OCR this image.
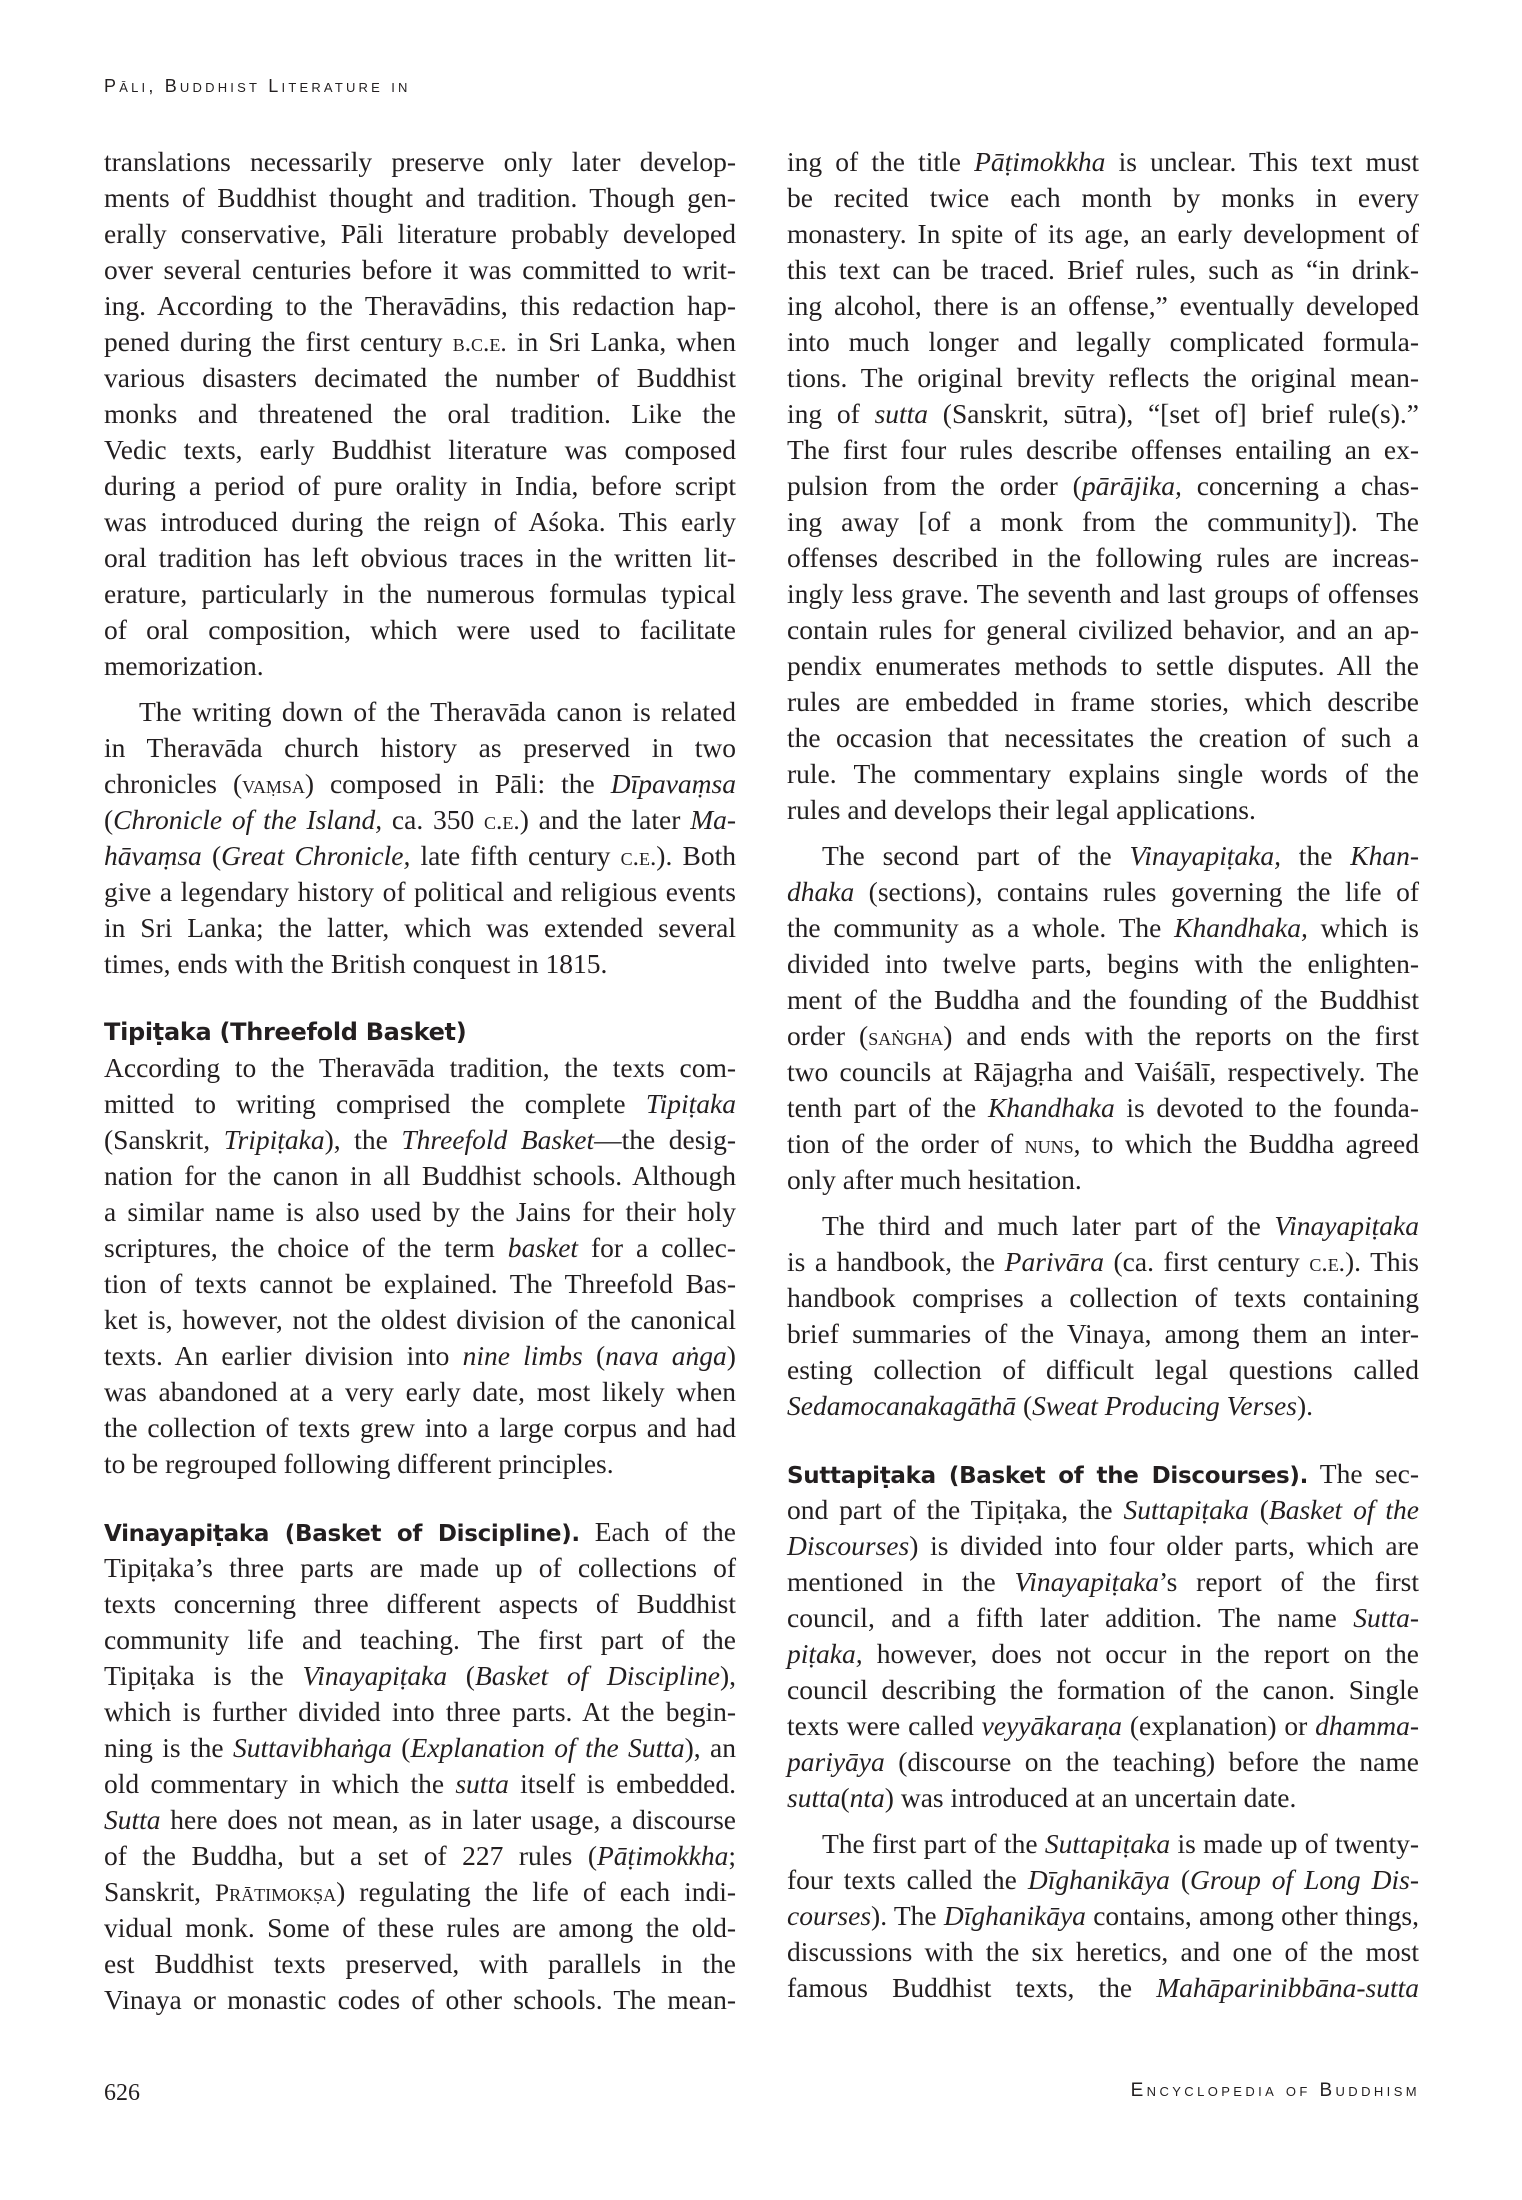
Pāli, Buddhist Literature in
translations necessarily preserve only later develop-
ments of Buddhist thought and tradition. Though gen-
erally conservative, Pāli literature probably developed
over several centuries before it was committed to writ-
ing. According to the Theravādins, this redaction hap-
pened during the first century b.c.e. in Sri Lanka, when
various disasters decimated the number of Buddhist
monks and threatened the oral tradition. Like the
Vedic texts, early Buddhist literature was composed
during a period of pure orality in India, before script
was introduced during the reign of Aśoka. This early
oral tradition has left obvious traces in the written lit-
erature, particularly in the numerous formulas typical
of oral composition, which were used to facilitate
memorization.
The writing down of the Theravāda canon is related
in Theravāda church history as preserved in two
chronicles (vaṃsa) composed in Pāli: the Dīpavaṃsa
(Chronicle of the Island, ca. 350 c.e.) and the later Ma-
hāvaṃsa (Great Chronicle, late fifth century c.e.). Both
give a legendary history of political and religious events
in Sri Lanka; the latter, which was extended several
times, ends with the British conquest in 1815.
Tipiṭaka (Threefold Basket)
According to the Theravāda tradition, the texts com-
mitted to writing comprised the complete Tipiṭaka
(Sanskrit, Tripiṭaka), the Threefold Basket—the desig-
nation for the canon in all Buddhist schools. Although
a similar name is also used by the Jains for their holy
scriptures, the choice of the term basket for a collec-
tion of texts cannot be explained. The Threefold Bas-
ket is, however, not the oldest division of the canonical
texts. An earlier division into nine limbs (nava aṅga)
was abandoned at a very early date, most likely when
the collection of texts grew into a large corpus and had
to be regrouped following different principles.
Vinayapiṭaka (Basket of Discipline). Each of the
Tipiṭaka’s three parts are made up of collections of
texts concerning three different aspects of Buddhist
community life and teaching. The first part of the
Tipiṭaka is the Vinayapiṭaka (Basket of Discipline),
which is further divided into three parts. At the begin-
ning is the Suttavibhaṅga (Explanation of the Sutta), an
old commentary in which the sutta itself is embedded.
Sutta here does not mean, as in later usage, a discourse
of the Buddha, but a set of 227 rules (Pāṭimokkha;
Sanskrit, Prātimokṣa) regulating the life of each indi-
vidual monk. Some of these rules are among the old-
est Buddhist texts preserved, with parallels in the
Vinaya or monastic codes of other schools. The mean-
ing of the title Pāṭimokkha is unclear. This text must
be recited twice each month by monks in every
monastery. In spite of its age, an early development of
this text can be traced. Brief rules, such as “in drink-
ing alcohol, there is an offense,” eventually developed
into much longer and legally complicated formula-
tions. The original brevity reflects the original mean-
ing of sutta (Sanskrit, sūtra), “[set of] brief rule(s).”
The first four rules describe offenses entailing an ex-
pulsion from the order (pārājika, concerning a chas-
ing away [of a monk from the community]). The
offenses described in the following rules are increas-
ingly less grave. The seventh and last groups of offenses
contain rules for general civilized behavior, and an ap-
pendix enumerates methods to settle disputes. All the
rules are embedded in frame stories, which describe
the occasion that necessitates the creation of such a
rule. The commentary explains single words of the
rules and develops their legal applications.
The second part of the Vinayapiṭaka, the Khan-
dhaka (sections), contains rules governing the life of
the community as a whole. The Khandhaka, which is
divided into twelve parts, begins with the enlighten-
ment of the Buddha and the founding of the Buddhist
order (saṅgha) and ends with the reports on the first
two councils at Rājagṛha and Vaiśālī, respectively. The
tenth part of the Khandhaka is devoted to the founda-
tion of the order of nuns, to which the Buddha agreed
only after much hesitation.
The third and much later part of the Vinayapiṭaka
is a handbook, the Parivāra (ca. first century c.e.). This
handbook comprises a collection of texts containing
brief summaries of the Vinaya, among them an inter-
esting collection of difficult legal questions called
Sedamocanakagāthā (Sweat Producing Verses).
Suttapiṭaka (Basket of the Discourses). The sec-
ond part of the Tipiṭaka, the Suttapiṭaka (Basket of the
Discourses) is divided into four older parts, which are
mentioned in the Vinayapiṭaka’s report of the first
council, and a fifth later addition. The name Sutta-
piṭaka, however, does not occur in the report on the
council describing the formation of the canon. Single
texts were called veyyākaraṇa (explanation) or dhamma-
pariyāya (discourse on the teaching) before the name
sutta(nta) was introduced at an uncertain date.
The first part of the Suttapiṭaka is made up of twenty-
four texts called the Dīghanikāya (Group of Long Dis-
courses). The Dīghanikāya contains, among other things,
discussions with the six heretics, and one of the most
famous Buddhist texts, the Mahāparinibbāna-sutta
626	Encyclopedia of Buddhism
